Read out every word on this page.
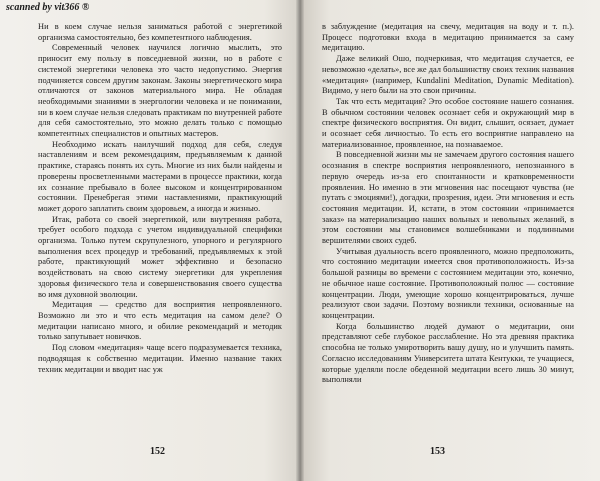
Ни в коем случае нельзя заниматься работой с энергетикой организма самостоятельно, без компетентного наблюдения.

Современный человек научился логично мыслить, это приносит ему пользу в повседневной жизни, но в работе с системой энергетики человека это часто недопустимо. Энергия подчиняется совсем другим законам. Законы энергетического мира отличаются от законов материального мира. Не обладая необходимыми знаниями в энергологии человека и не понимании, ни в коем случае нельзя следовать практикам по внутренней работе для себя самостоятельно, это можно делать только с помощью компетентных специалистов и опытных мастеров.

Необходимо искать наилучший подход для себя, следуя наставлениям и всем рекомендациям, предъявляемым к данной практике, стараясь понять их суть. Многие из них были найдены и проверены просветленными мастерами в процессе практики, когда их сознание пребывало в более высоком и концентрированном состоянии. Пренебрегая этими наставлениями, практикующий может дорого заплатить своим здоровьем, а иногда и жизнью.

Итак, работа со своей энергетикой, или внутренняя работа, требует особого подхода с учетом индивидуальной специфики организма. Только путем скрупулезного, упорного и регулярного выполнения всех процедур и требований, предъявляемых к этой работе, практикующий может эффективно и безопасно воздействовать на свою систему энергетики для укрепления здоровья физического тела и совершенствования своего существа во имя духовной эволюции.

Медитация — средство для восприятия непроявленного. Возможно ли это и что есть медитация на самом деле? О медитации написано много, и обилие рекомендаций и методик только запутывает новичков.

Под словом «медитация» чаще всего подразумевается техника, подводящая к собственно медитации. Именно название таких техник медитации и вводит нас уж

152

в заблуждение (медитация на свечу, медитация на воду и т. п.). Процесс подготовки входа в медитацию принимается за саму медитацию.

Даже великий Ошо, подчеркивая, что медитация случается, ее невозможно «делать», все же дал большинству своих техник названия «медитация» (например, Kundalini Meditation, Dynamic Meditation). Видимо, у него были на это свои причины.

Так что есть медитация? Это особое состояние нашего сознания. В обычном состоянии человек осознает себя и окружающий мир в спектре физического восприятия. Он видит, слышит, осязает, думает и осознает себя личностью. То есть его восприятие направлено на материализованное, проявленное, на познаваемое.

В повседневной жизни мы не замечаем другого состояния нашего осознания в спектре восприятия непроявленного, непознанного в первую очередь из-за его спонтанности и кратковременности проявления. Но именно в эти мгновения нас посещают чувства (не путать с эмоциями!), догадки, прозрения, идеи. Эти мгновения и есть состояния медитации. И, кстати, в этом состоянии «принимается заказ» на материализацию наших вольных и невольных желаний, в этом состоянии мы становимся волшебниками и подлинными вершителями своих судеб.

Учитывая дуальность всего проявленного, можно предположить, что состоянию медитации имеется своя противоположность. Из-за большой разницы во времени с состоянием медитации это, конечно, не обычное наше состояние. Противоположный полюс — состояние концентрации. Люди, умеющие хорошо концентрироваться, лучше реализуют свои задачи. Поэтому возникли техники, основанные на концентрации.

Когда большинство людей думают о медитации, они представляют себе глубокое расслабление. Но эта древняя практика способна не только умиротворить вашу душу, но и улучшить память. Согласно исследованиям Университета штата Кентукки, те учащиеся, которые уделяли после обеденной медитации всего лишь 30 минут, выполняли

153
scanned by vit366 ®
